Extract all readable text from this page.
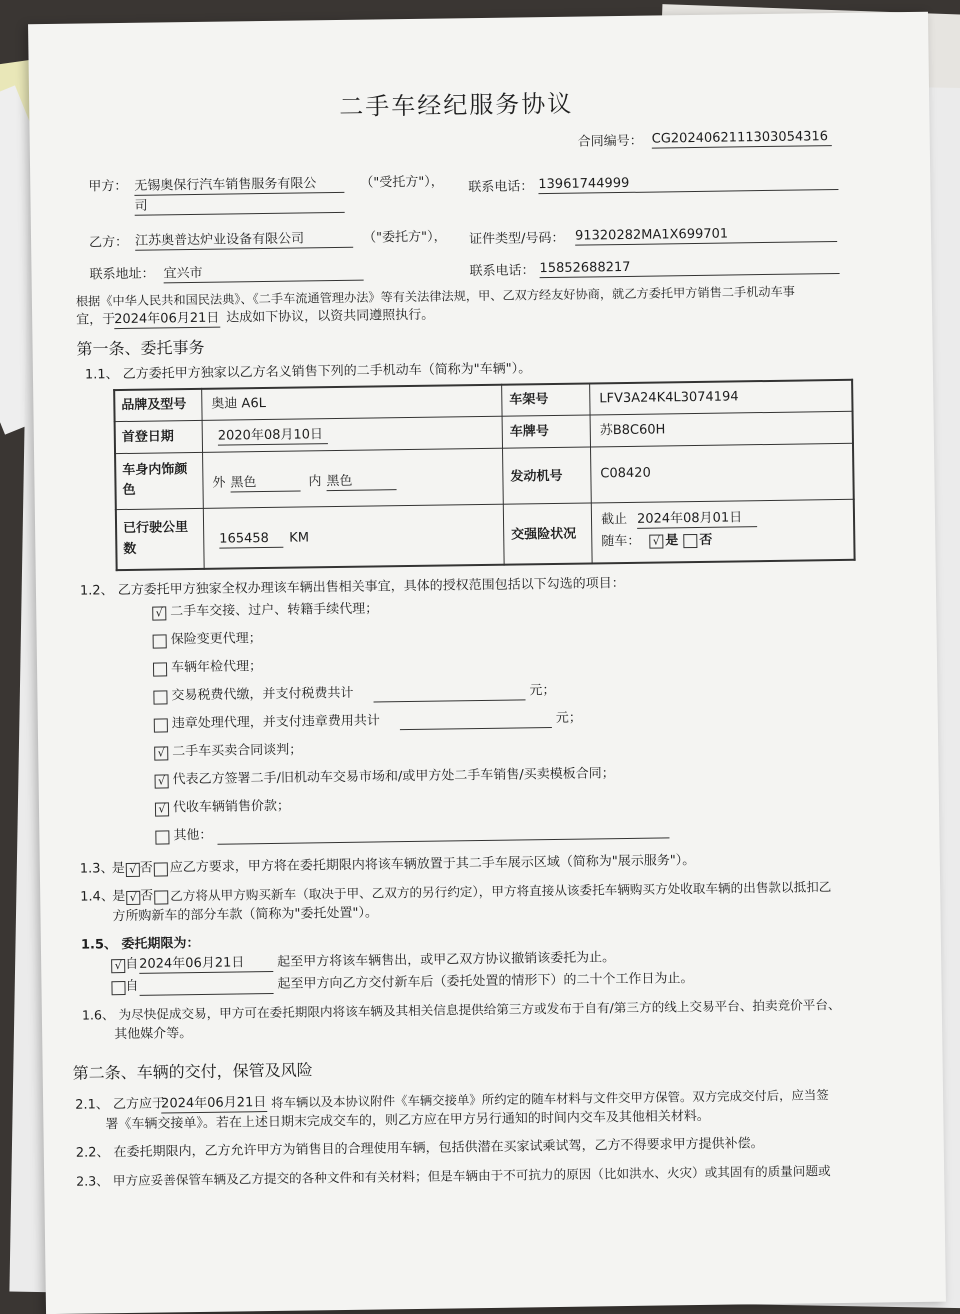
二手车经纪服务协议
合同编号： CG20240621113030543​16
甲方： 无锡奥保行汽车销售服务有限公
司
（"受托方"）， 联系电话： 13961744999
乙方： 江苏奥普达炉业设备有限公司	（"委托方"）， 证件类型/号码： 91320282MA1X699701
联系地址： 宜兴市	联系电话： 15852688217
根据《中华人民共和国民法典》、《二手车流通管理办法》等有关法律法规，甲、乙双方经友好协商，就乙方委托甲方销售二手机动车事
宜，于
2024年06月21日 达成如下协议，以资共同遵照执行。
第一条、委托事务
1.1、 乙方委托甲方独家以乙方名义销售下列的二手机动车（简称为"车辆"）。
品牌及型号 奥迪 A6L	车架号	LFV3A24K4L3074194
首登日期	2020年08月10日	车牌号	苏B8C60H
车身内饰颜
色	外 黑色	内 黑色	发动机号	C08420
已行驶公里
数
165458	KM	交强险状况
截止 2024年08月01日
随车：	√ 是 否
1.2、 乙方委托甲方独家全权办理该车辆出售相关事宜，具体的授权范围包括以下勾选的项目：
√ 二手车交接、过户、转籍手续代理；
保险变更代理；
车辆年检代理；
交易税费代缴，并支付税费共计	元；
违章处理代理，并支付违章费用共计	元；
√ 二手车买卖合同谈判；
√ 代表乙方签署二手/旧机动车交易市场和/或甲方处二手车销售/买卖模板合同；
√ 代收车辆销售价款；
其他：
1.3、
是 √ 否 应乙方要求，甲方将在委托期限内将该车辆放置于其二手车展示区域（简称为"展示服务"）。
1.4、
是 √ 否 乙方将从甲方购买新车（取决于甲、乙双方的另行约定），甲方将直接从该委托车辆购买方处收取车辆的出售款以抵扣乙
方所购新车的部分车款（简称为"委托处置"）。
1.5、 委托期限为：
√ 自 2024年06月21日	起至甲方将该车辆售出，或甲乙双方协议撤销该委托为止。
自	起至甲方向乙方交付新车后（委托处置的情形下）的二十个工作日为止。
1.6、 为尽快促成交易，甲方可在委托期限内将该车辆及其相关信息提供给第三方或发布于自有/第三方的线上交易平台、拍卖竞价平台、
其他媒介等。
第二条、车辆的交付，保管及风险
2.1、 乙方应于
2024年06月21日 将车辆以及本协议附件《车辆交接单》所约定的随车材料与文件交甲方保管。双方完成交付后，应当签
署《车辆交接单》。若在上述日期末完成交车的，则乙方应在甲方另行通知的时间内交车及其他相关材料。
2.2、 在委托期限内，乙方允许甲方为销售目的合理使用车辆，包括供潜在买家试乘试驾，乙方不得要求甲方提供补偿。
2.3、 甲方应妥善保管车辆及乙方提交的各种文件和有关材料；但是车辆由于不可抗力的原因（比如洪水、火灾）或其固有的质量问题或
